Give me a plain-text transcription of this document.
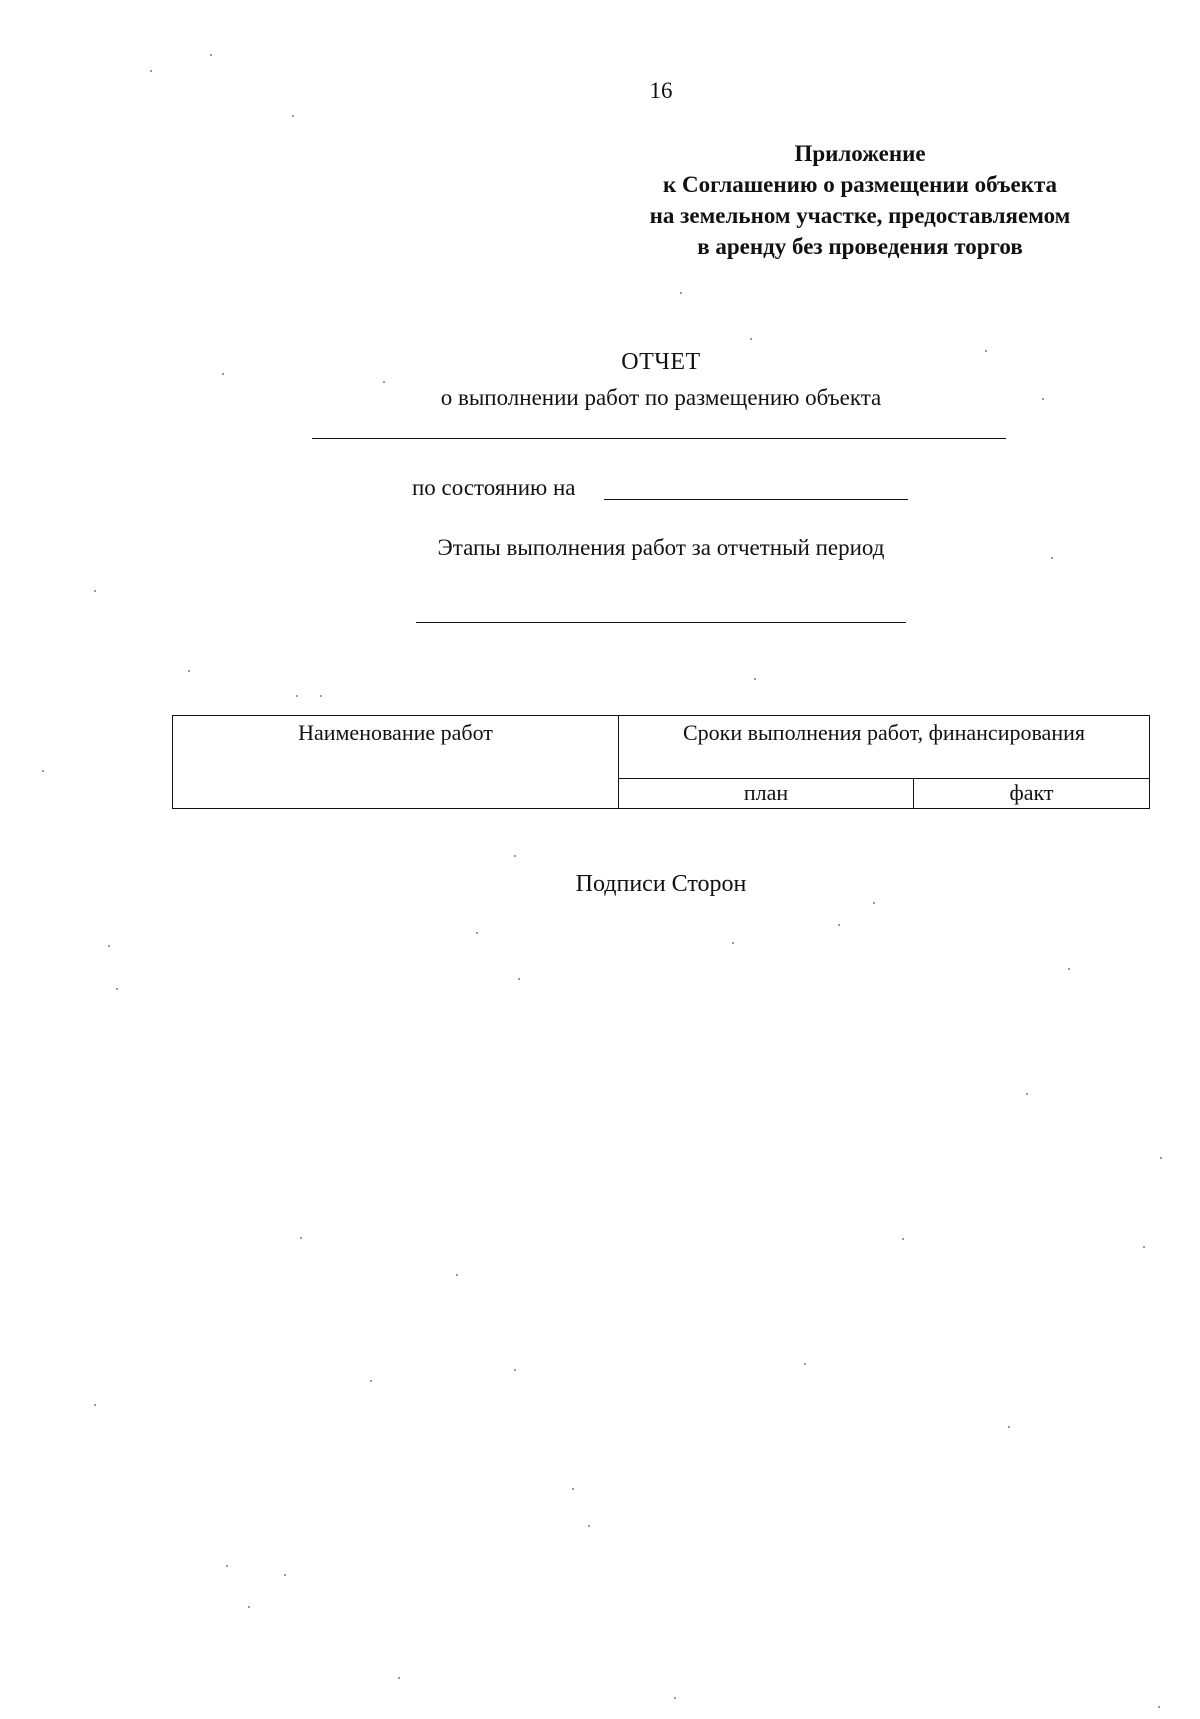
16
Приложение
к Соглашению о размещении объекта
на земельном участке, предоставляемом
в аренду без проведения торгов
ОТЧЕТ
о выполнении работ по размещению объекта
по состоянию на
Этапы выполнения работ за отчетный период
Наименование работ	Сроки выполнения работ, финансирования	
	план	факт
Подписи Сторон
